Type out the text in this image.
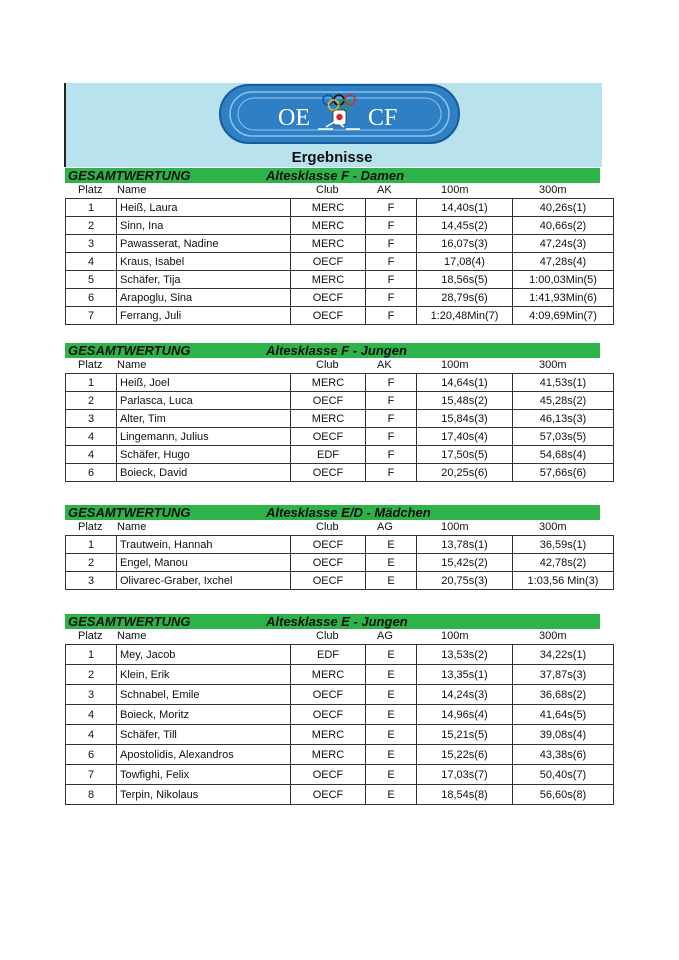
OE CF
Ergebnisse
GESAMTWERTUNG	Altesklasse F - Damen
Platz Name	Club	AK	100m	300m
1	Heiß, Laura	MERC	F	14,40s(1)	40,26s(1)
2	Sinn, Ina	MERC	F	14,45s(2)	40,66s(2)
3	Pawasserat, Nadine	MERC	F	16,07s(3)	47,24s(3)
4	Kraus, Isabel	OECF	F	17,08(4)	47,28s(4)
5	Schäfer, Tija	MERC	F	18,56s(5)	1:00,03Min(5)
6	Arapoglu, Sina	OECF	F	28,79s(6)	1:41,93Min(6)
7	Ferrang, Juli	OECF	F	1:20,48Min(7)	4:09,69Min(7)
GESAMTWERTUNG	Altesklasse F - Jungen
Platz Name	Club	AK	100m	300m
1	Heiß, Joel	MERC	F	14,64s(1)	41,53s(1)
2	Parlasca, Luca	OECF	F	15,48s(2)	45,28s(2)
3	Alter, Tim	MERC	F	15,84s(3)	46,13s(3)
4	Lingemann, Julius	OECF	F	17,40s(4)	57,03s(5)
4	Schäfer, Hugo	EDF	F	17,50s(5)	54,68s(4)
6	Boieck, David	OECF	F	20,25s(6)	57,66s(6)
GESAMTWERTUNG	Altesklasse E/D - Mädchen
Platz Name	Club	AG	100m	300m
1	Trautwein, Hannah	OECF	E	13,78s(1)	36,59s(1)
2	Engel, Manou	OECF	E	15,42s(2)	42,78s(2)
3	Olivarec-Graber, Ixchel	OECF	E	20,75s(3)	1:03,56 Min(3)
GESAMTWERTUNG	Altesklasse E - Jungen
Platz Name	Club	AG	100m	300m
1	Mey, Jacob	EDF	E	13,53s(2)	34,22s(1)
2	Klein, Erik	MERC	E	13,35s(1)	37,87s(3)
3	Schnabel, Emile	OECF	E	14,24s(3)	36,68s(2)
4	Boieck, Moritz	OECF	E	14,96s(4)	41,64s(5)
4	Schäfer, Till	MERC	E	15,21s(5)	39,08s(4)
6	Apostolidis, Alexandros	MERC	E	15,22s(6)	43,38s(6)
7	Towfighi, Felix	OECF	E	17,03s(7)	50,40s(7)
8	Terpin, Nikolaus	OECF	E	18,54s(8)	56,60s(8)
